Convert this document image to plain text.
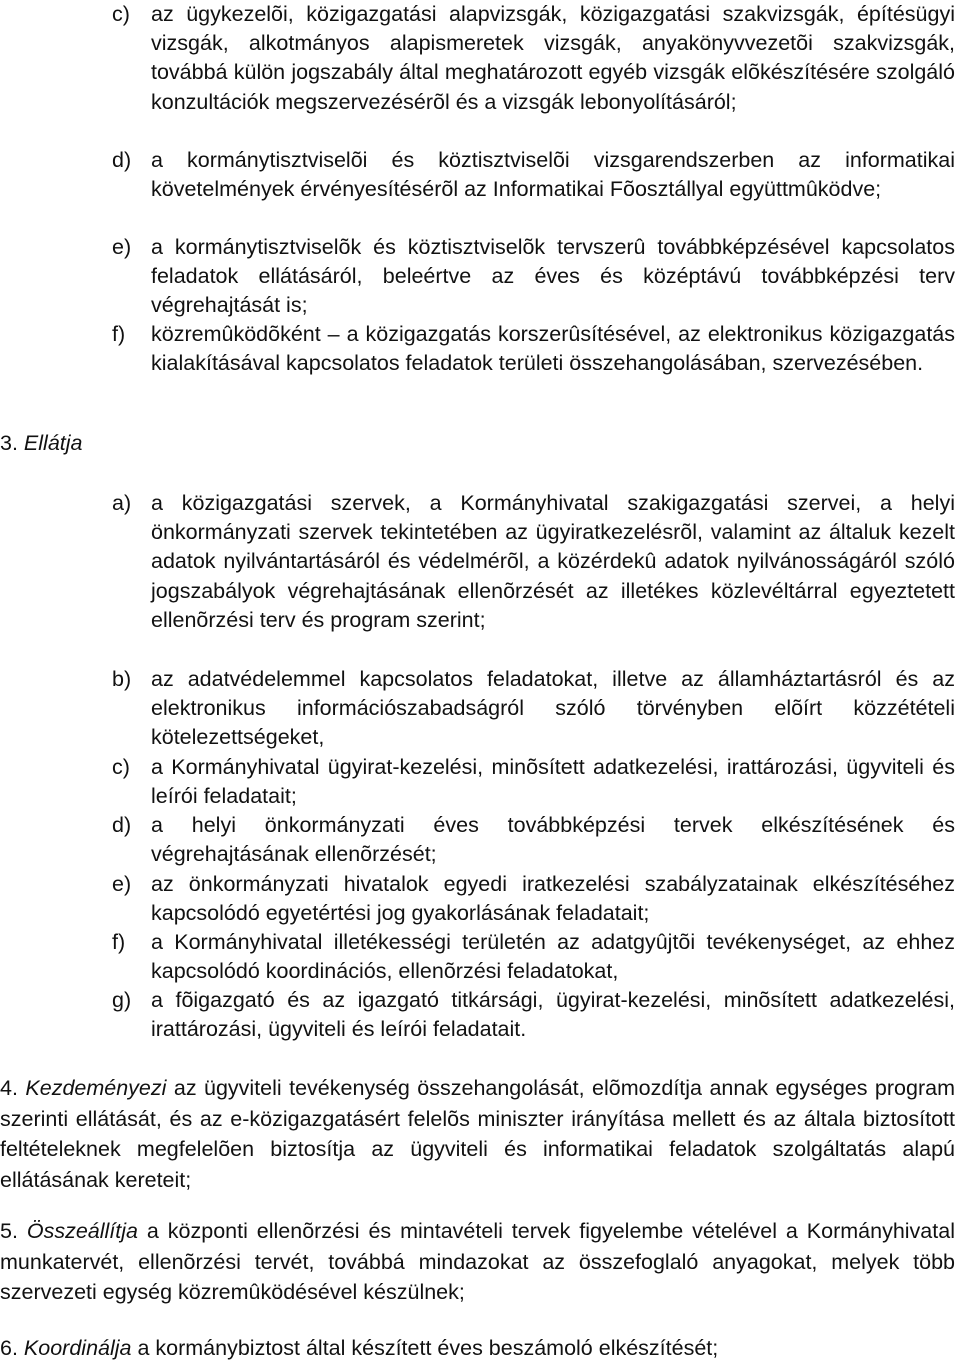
c) az ügykezelõi, közigazgatási alapvizsgák, közigazgatási szakvizsgák, építésügyi vizsgák, alkotmányos alapismeretek vizsgák, anyakönyvvezetõi szakvizsgák, továbbá külön jogszabály által meghatározott egyéb vizsgák elõkészítésére szolgáló konzultációk megszervezésérõl és a vizsgák lebonyolításáról;
d) a kormánytisztviselõi és köztisztviselõi vizsgarendszerben az informatikai követelmények érvényesítésérõl az Informatikai Fõosztállyal együttmûködve;
e) a kormánytisztviselõk és köztisztviselõk tervszerû továbbképzésével kapcsolatos feladatok ellátásáról, beleértve az éves és középtávú továbbképzési terv végrehajtását is;
f) közremûködõként – a közigazgatás korszerûsítésével, az elektronikus közigazgatás kialakításával kapcsolatos feladatok területi összehangolásában, szervezésében.
3. Ellátja
a) a közigazgatási szervek, a Kormányhivatal szakigazgatási szervei, a helyi önkormányzati szervek tekintetében az ügyiratkezelésrõl, valamint az általuk kezelt adatok nyilvántartásáról és védelmérõl, a közérdekû adatok nyilvánosságáról szóló jogszabályok végrehajtásának ellenõrzését az illetékes közlevéltárral egyeztetett ellenõrzési terv és program szerint;
b) az adatvédelemmel kapcsolatos feladatokat, illetve az államháztartásról és az elektronikus információszabadságról szóló törvényben elõírt közzétételi kötelezettségeket,
c) a Kormányhivatal ügyirat-kezelési, minõsített adatkezelési, irattározási, ügyviteli és leírói feladatait;
d) a helyi önkormányzati éves továbbképzési tervek elkészítésének és végrehajtásának ellenõrzését;
e) az önkormányzati hivatalok egyedi iratkezelési szabályzatainak elkészítéséhez kapcsolódó egyetértési jog gyakorlásának feladatait;
f) a Kormányhivatal illetékességi területén az adatgyûjtõi tevékenységet, az ehhez kapcsolódó koordinációs, ellenõrzési feladatokat,
g) a fõigazgató és az igazgató titkársági, ügyirat-kezelési, minõsített adatkezelési, irattározási, ügyviteli és leírói feladatait.
4. Kezdeményezi az ügyviteli tevékenység összehangolását, elõmozdítja annak egységes program szerinti ellátását, és az e-közigazgatásért felelõs miniszter irányítása mellett és az általa biztosított feltételeknek megfelelõen biztosítja az ügyviteli és informatikai feladatok szolgáltatás alapú ellátásának kereteit;
5. Összeállítja a központi ellenõrzési és mintavételi tervek figyelembe vételével a Kormányhivatal munkatervét, ellenõrzési tervét, továbbá mindazokat az összefoglaló anyagokat, melyek több szervezeti egység közremûködésével készülnek;
6. Koordinálja a kormánybiztost által készített éves beszámoló elkészítését;
